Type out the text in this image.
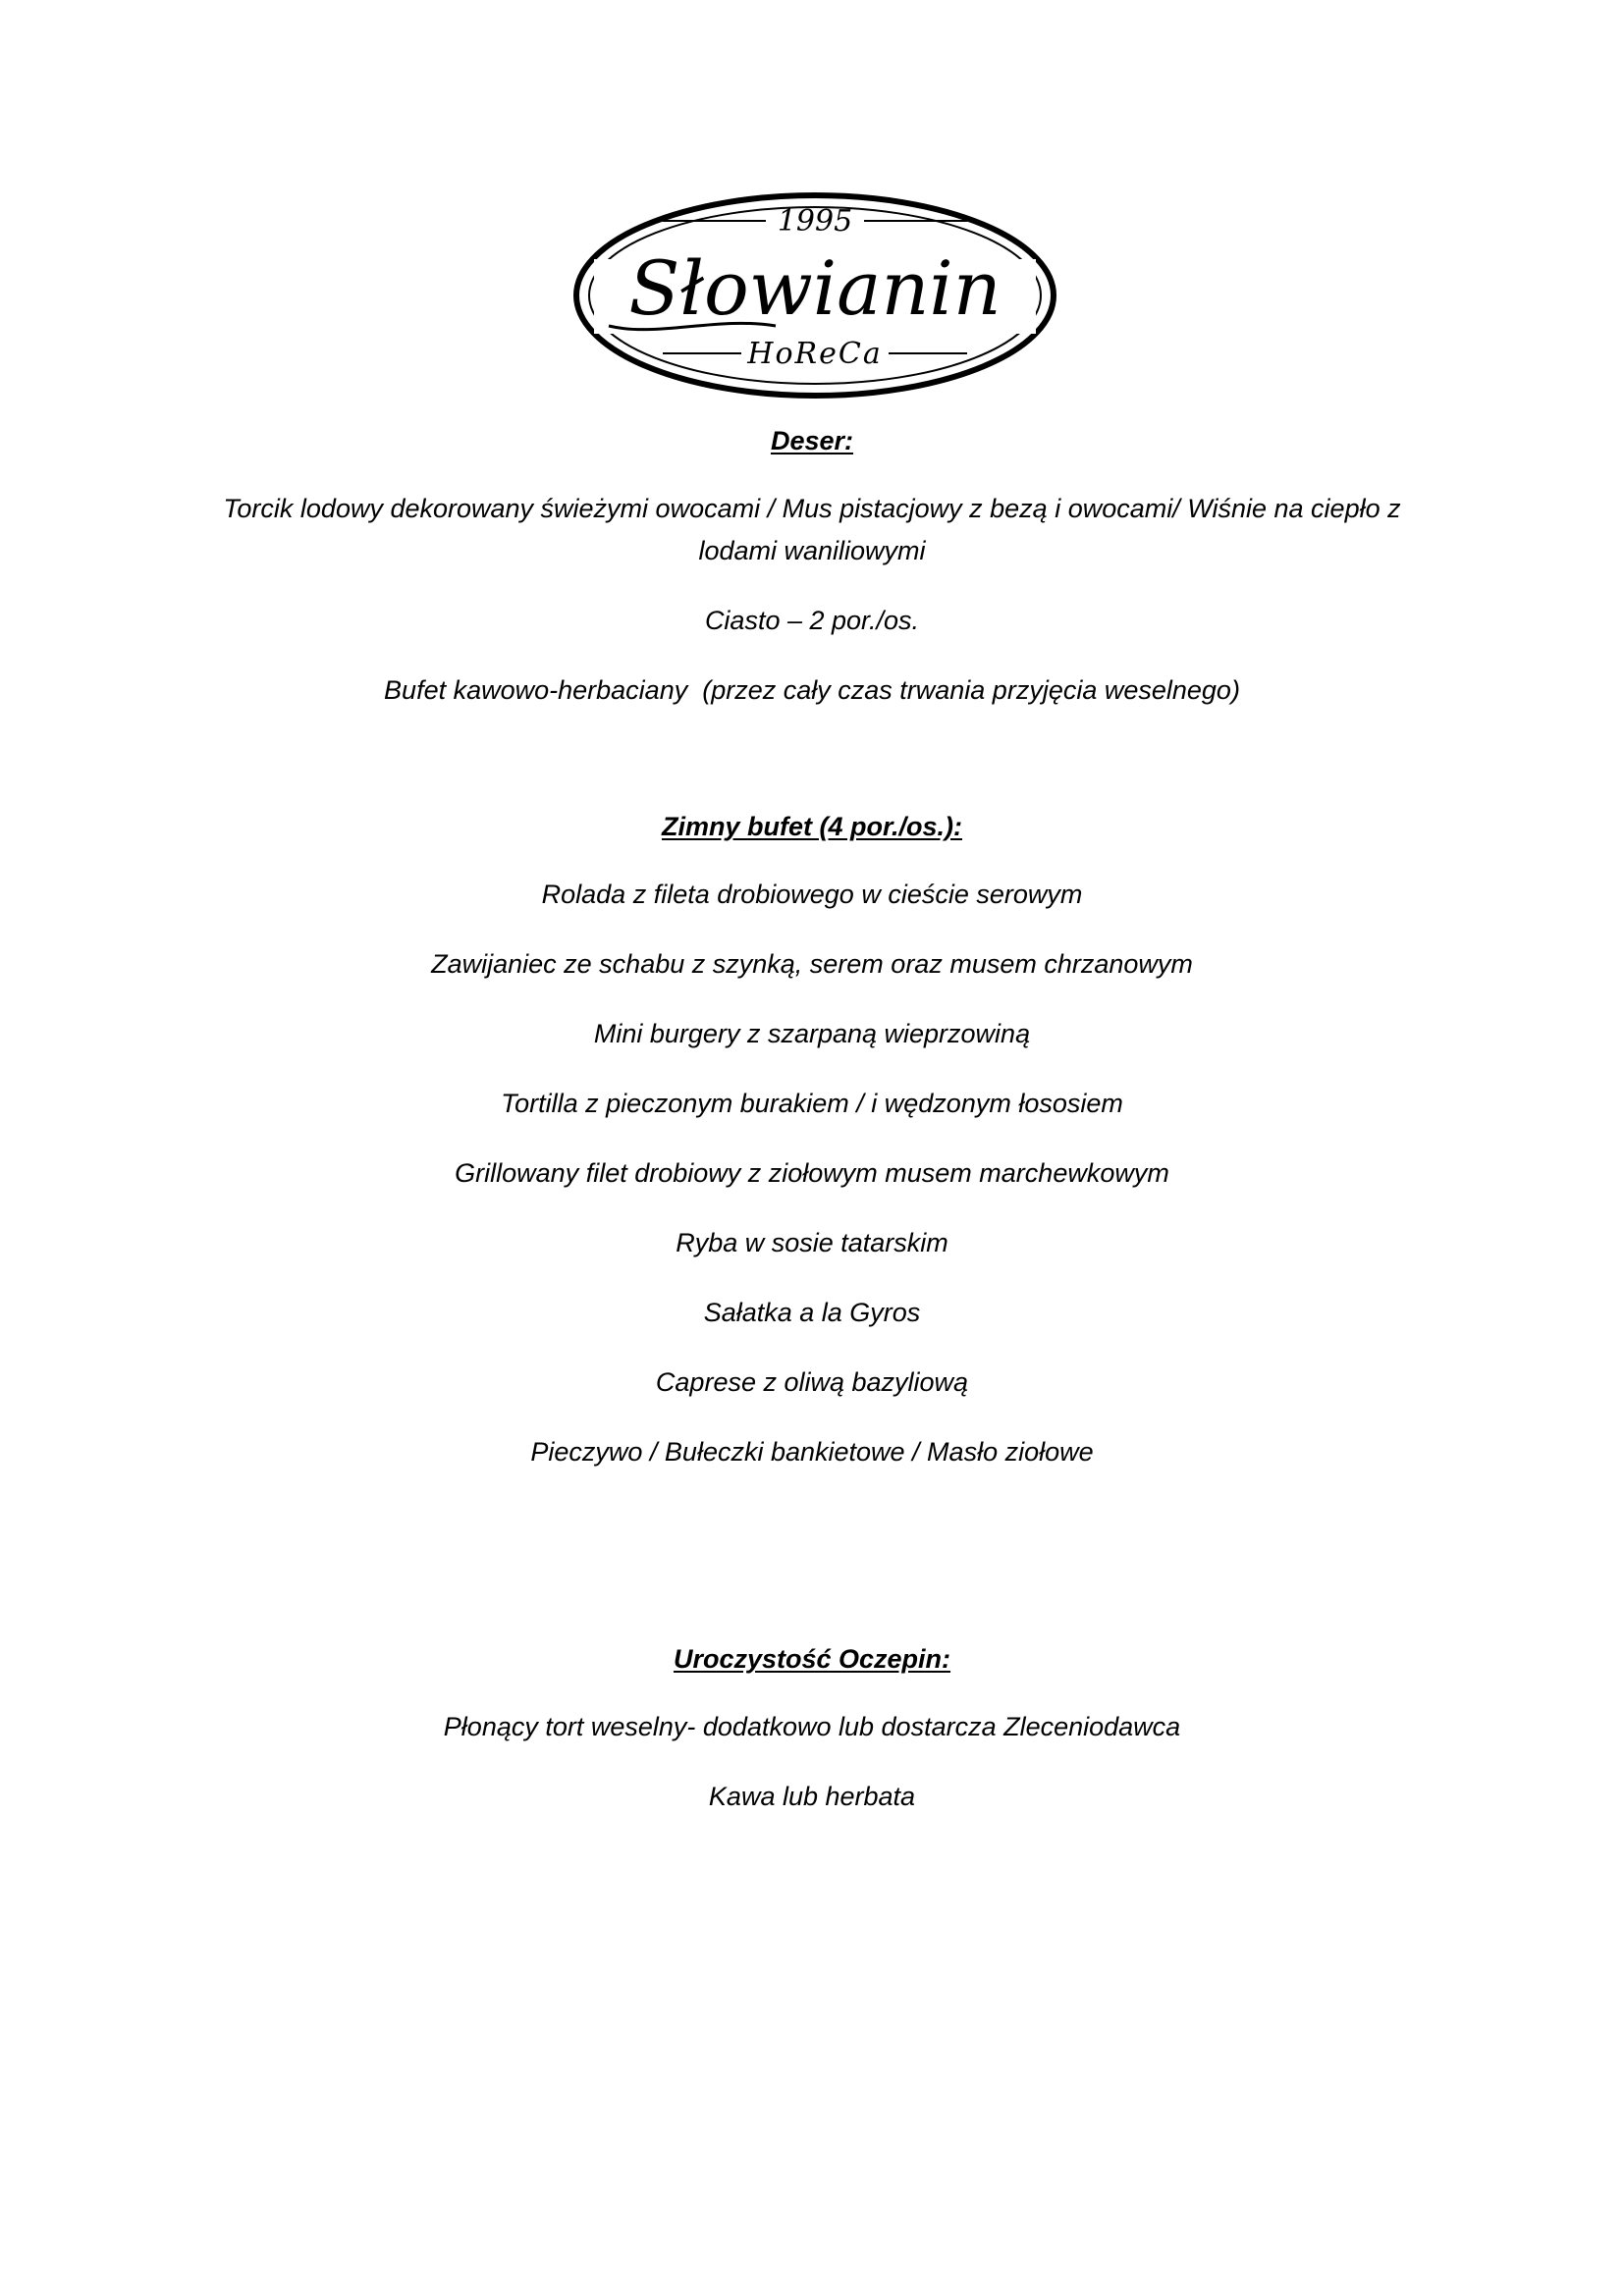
1995
Słowianin
HoReCa

Deser:

Torcik lodowy dekorowany świeżymi owocami / Mus pistacjowy z bezą i owocami/ Wiśnie na ciepło z lodami waniliowymi

Ciasto – 2 por./os.

Bufet kawowo-herbaciany  (przez cały czas trwania przyjęcia weselnego)

Zimny bufet (4 por./os.):

Rolada z fileta drobiowego w cieście serowym

Zawijaniec ze schabu z szynką, serem oraz musem chrzanowym

Mini burgery z szarpaną wieprzowiną

Tortilla z pieczonym burakiem / i wędzonym łososiem

Grillowany filet drobiowy z ziołowym musem marchewkowym

Ryba w sosie tatarskim

Sałatka a la Gyros

Caprese z oliwą bazyliową

Pieczywo / Bułeczki bankietowe / Masło ziołowe

Uroczystość Oczepin:

Płonący tort weselny- dodatkowo lub dostarcza Zleceniodawca

Kawa lub herbata
